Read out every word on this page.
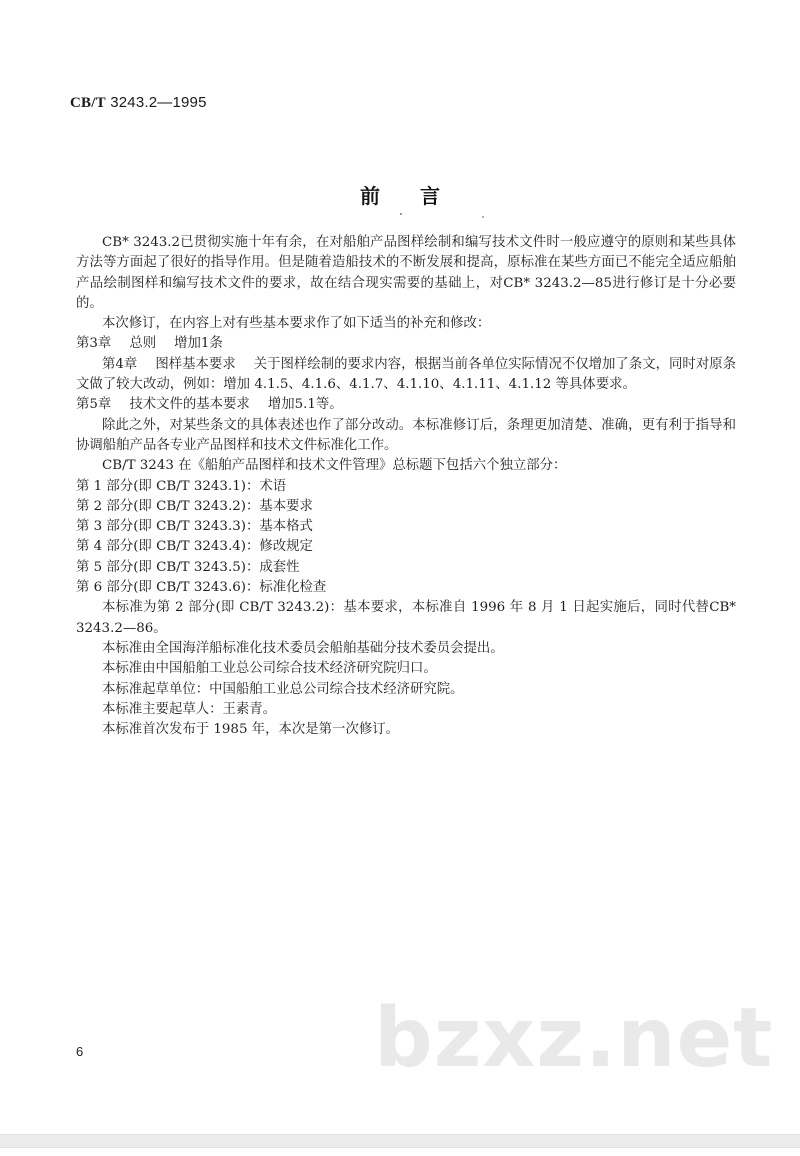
CB/T 3243.2—1995
前言

CB* 3243.2已贯彻实施十年有余，在对船舶产品图样绘制和编写技术文件时一般应遵守的原则和某些具体方法等方面起了很好的指导作用。但是随着造船技术的不断发展和提高，原标准在某些方面已不能完全适应船舶产品绘制图样和编写技术文件的要求，故在结合现实需要的基础上，对CB* 3243.2—85进行修订是十分必要的。

本次修订，在内容上对有些基本要求作了如下适当的补充和修改：

第3章 总则 增加1条

第4章 图样基本要求 关于图样绘制的要求内容，根据当前各单位实际情况不仅增加了条文，同时对原条文做了较大改动，例如：增加 4.1.5、4.1.6、4.1.7、4.1.10、4.1.11、4.1.12 等具体要求。

第5章 技术文件的基本要求 增加5.1等。

除此之外，对某些条文的具体表述也作了部分改动。本标准修订后，条理更加清楚、准确，更有利于指导和协调船舶产品各专业产品图样和技术文件标准化工作。

CB/T 3243 在《船舶产品图样和技术文件管理》总标题下包括六个独立部分：

第 1 部分(即 CB/T 3243.1)：术语

第 2 部分(即 CB/T 3243.2)：基本要求

第 3 部分(即 CB/T 3243.3)：基本格式

第 4 部分(即 CB/T 3243.4)：修改规定

第 5 部分(即 CB/T 3243.5)：成套性

第 6 部分(即 CB/T 3243.6)：标准化检查

本标准为第 2 部分(即 CB/T 3243.2)：基本要求，本标准自 1996 年 8 月 1 日起实施后，同时代替CB* 3243.2—86。

本标准由全国海洋船标准化技术委员会船舶基础分技术委员会提出。

本标准由中国船舶工业总公司综合技术经济研究院归口。

本标准起草单位：中国船舶工业总公司综合技术经济研究院。

本标准主要起草人：王素青。

本标准首次发布于 1985 年，本次是第一次修订。

6	bzxz.net
